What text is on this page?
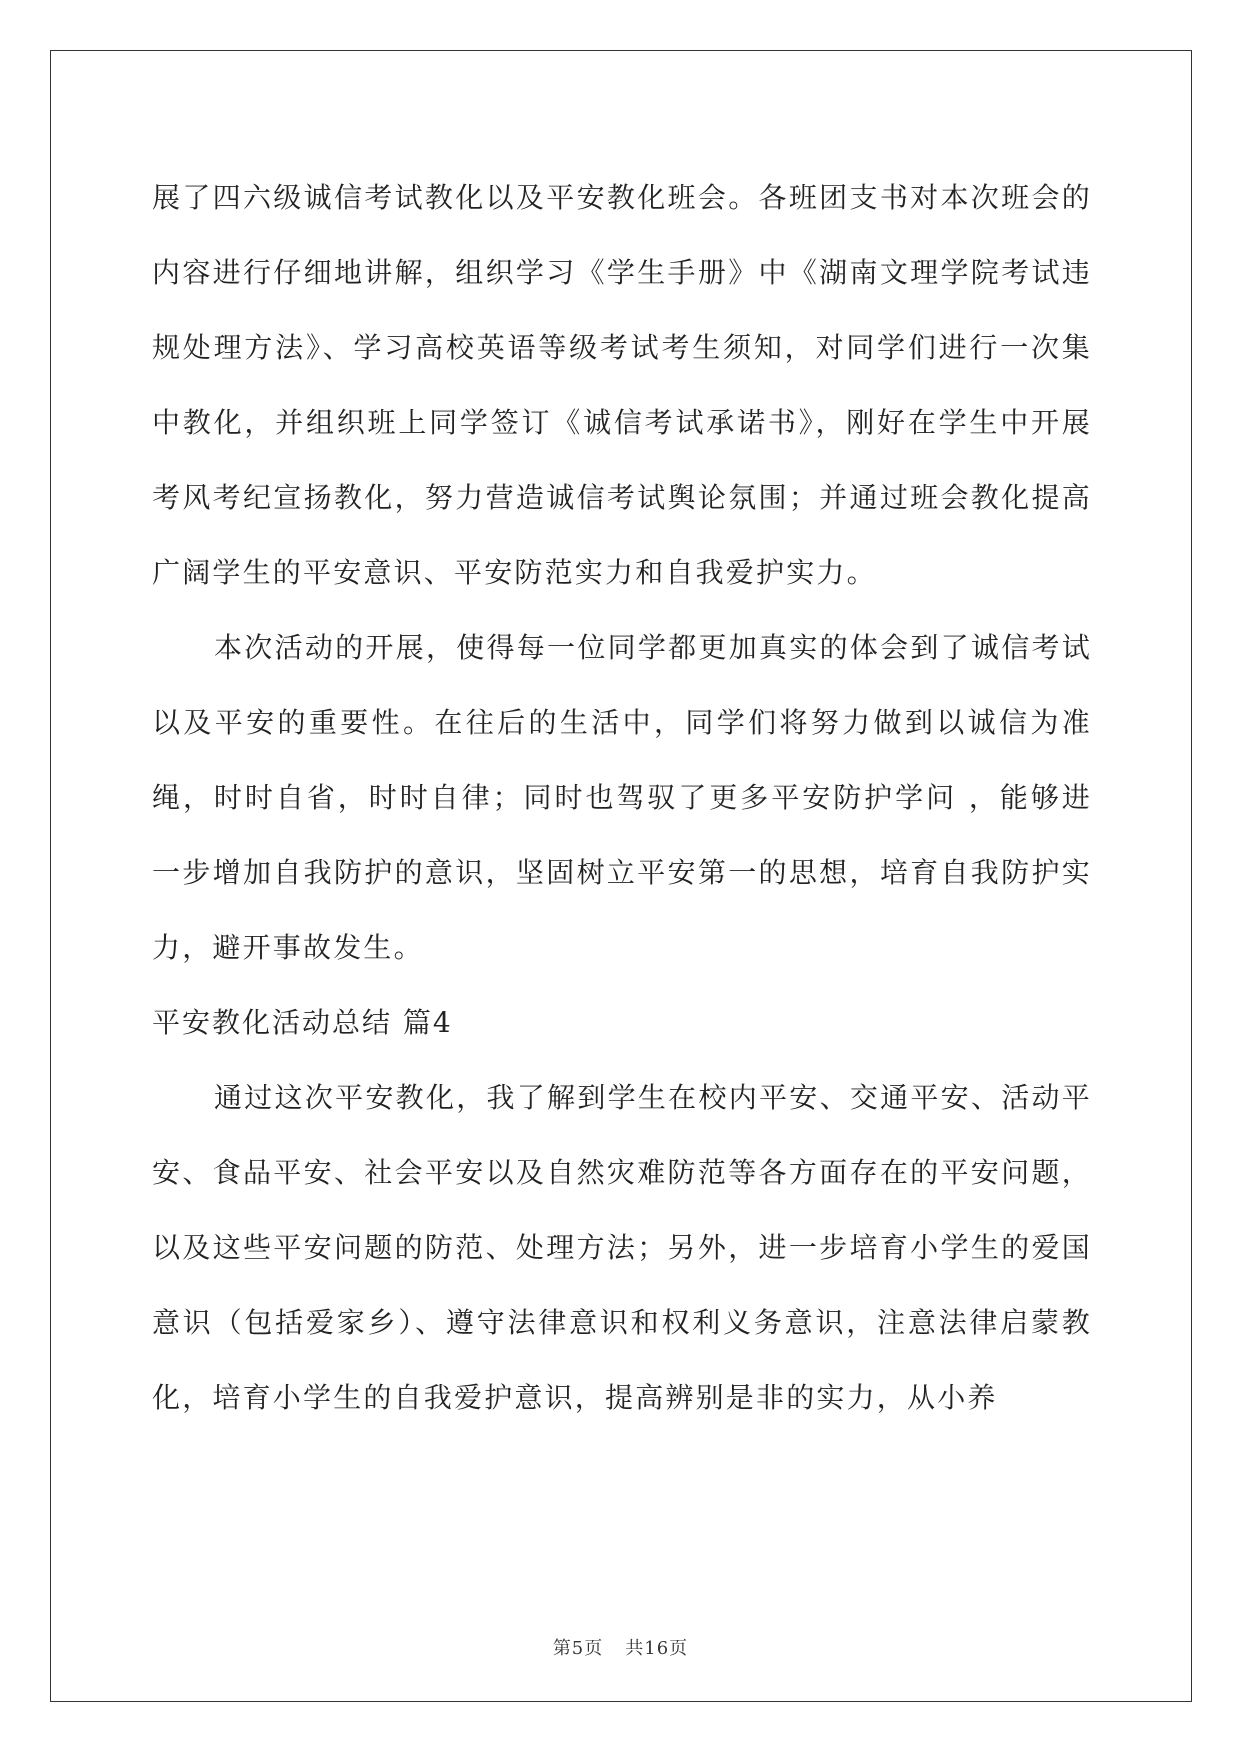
展了四六级诚信考试教化以及平安教化班会。各班团支书对本次班会的内容进行仔细地讲解，组织学习《学生手册》中《湖南文理学院考试违规处理方法》、学习高校英语等级考试考生须知，对同学们进行一次集中教化，并组织班上同学签订《诚信考试承诺书》，刚好在学生中开展考风考纪宣扬教化，努力营造诚信考试舆论氛围；并通过班会教化提高广阔学生的平安意识、平安防范实力和自我爱护实力。

本次活动的开展，使得每一位同学都更加真实的体会到了诚信考试以及平安的重要性。在往后的生活中，同学们将努力做到以诚信为准绳，时时自省，时时自律；同时也驾驭了更多平安防护学问 ，能够进一步增加自我防护的意识，坚固树立平安第一的思想，培育自我防护实力，避开事故发生。

平安教化活动总结 篇4

通过这次平安教化，我了解到学生在校内平安、交通平安、活动平安、食品平安、社会平安以及自然灾难防范等各方面存在的平安问题，以及这些平安问题的防范、处理方法；另外，进一步培育小学生的爱国意识（包括爱家乡）、遵守法律意识和权利义务意识，注意法律启蒙教化，培育小学生的自我爱护意识，提高辨别是非的实力，从小养

第5页 共16页
